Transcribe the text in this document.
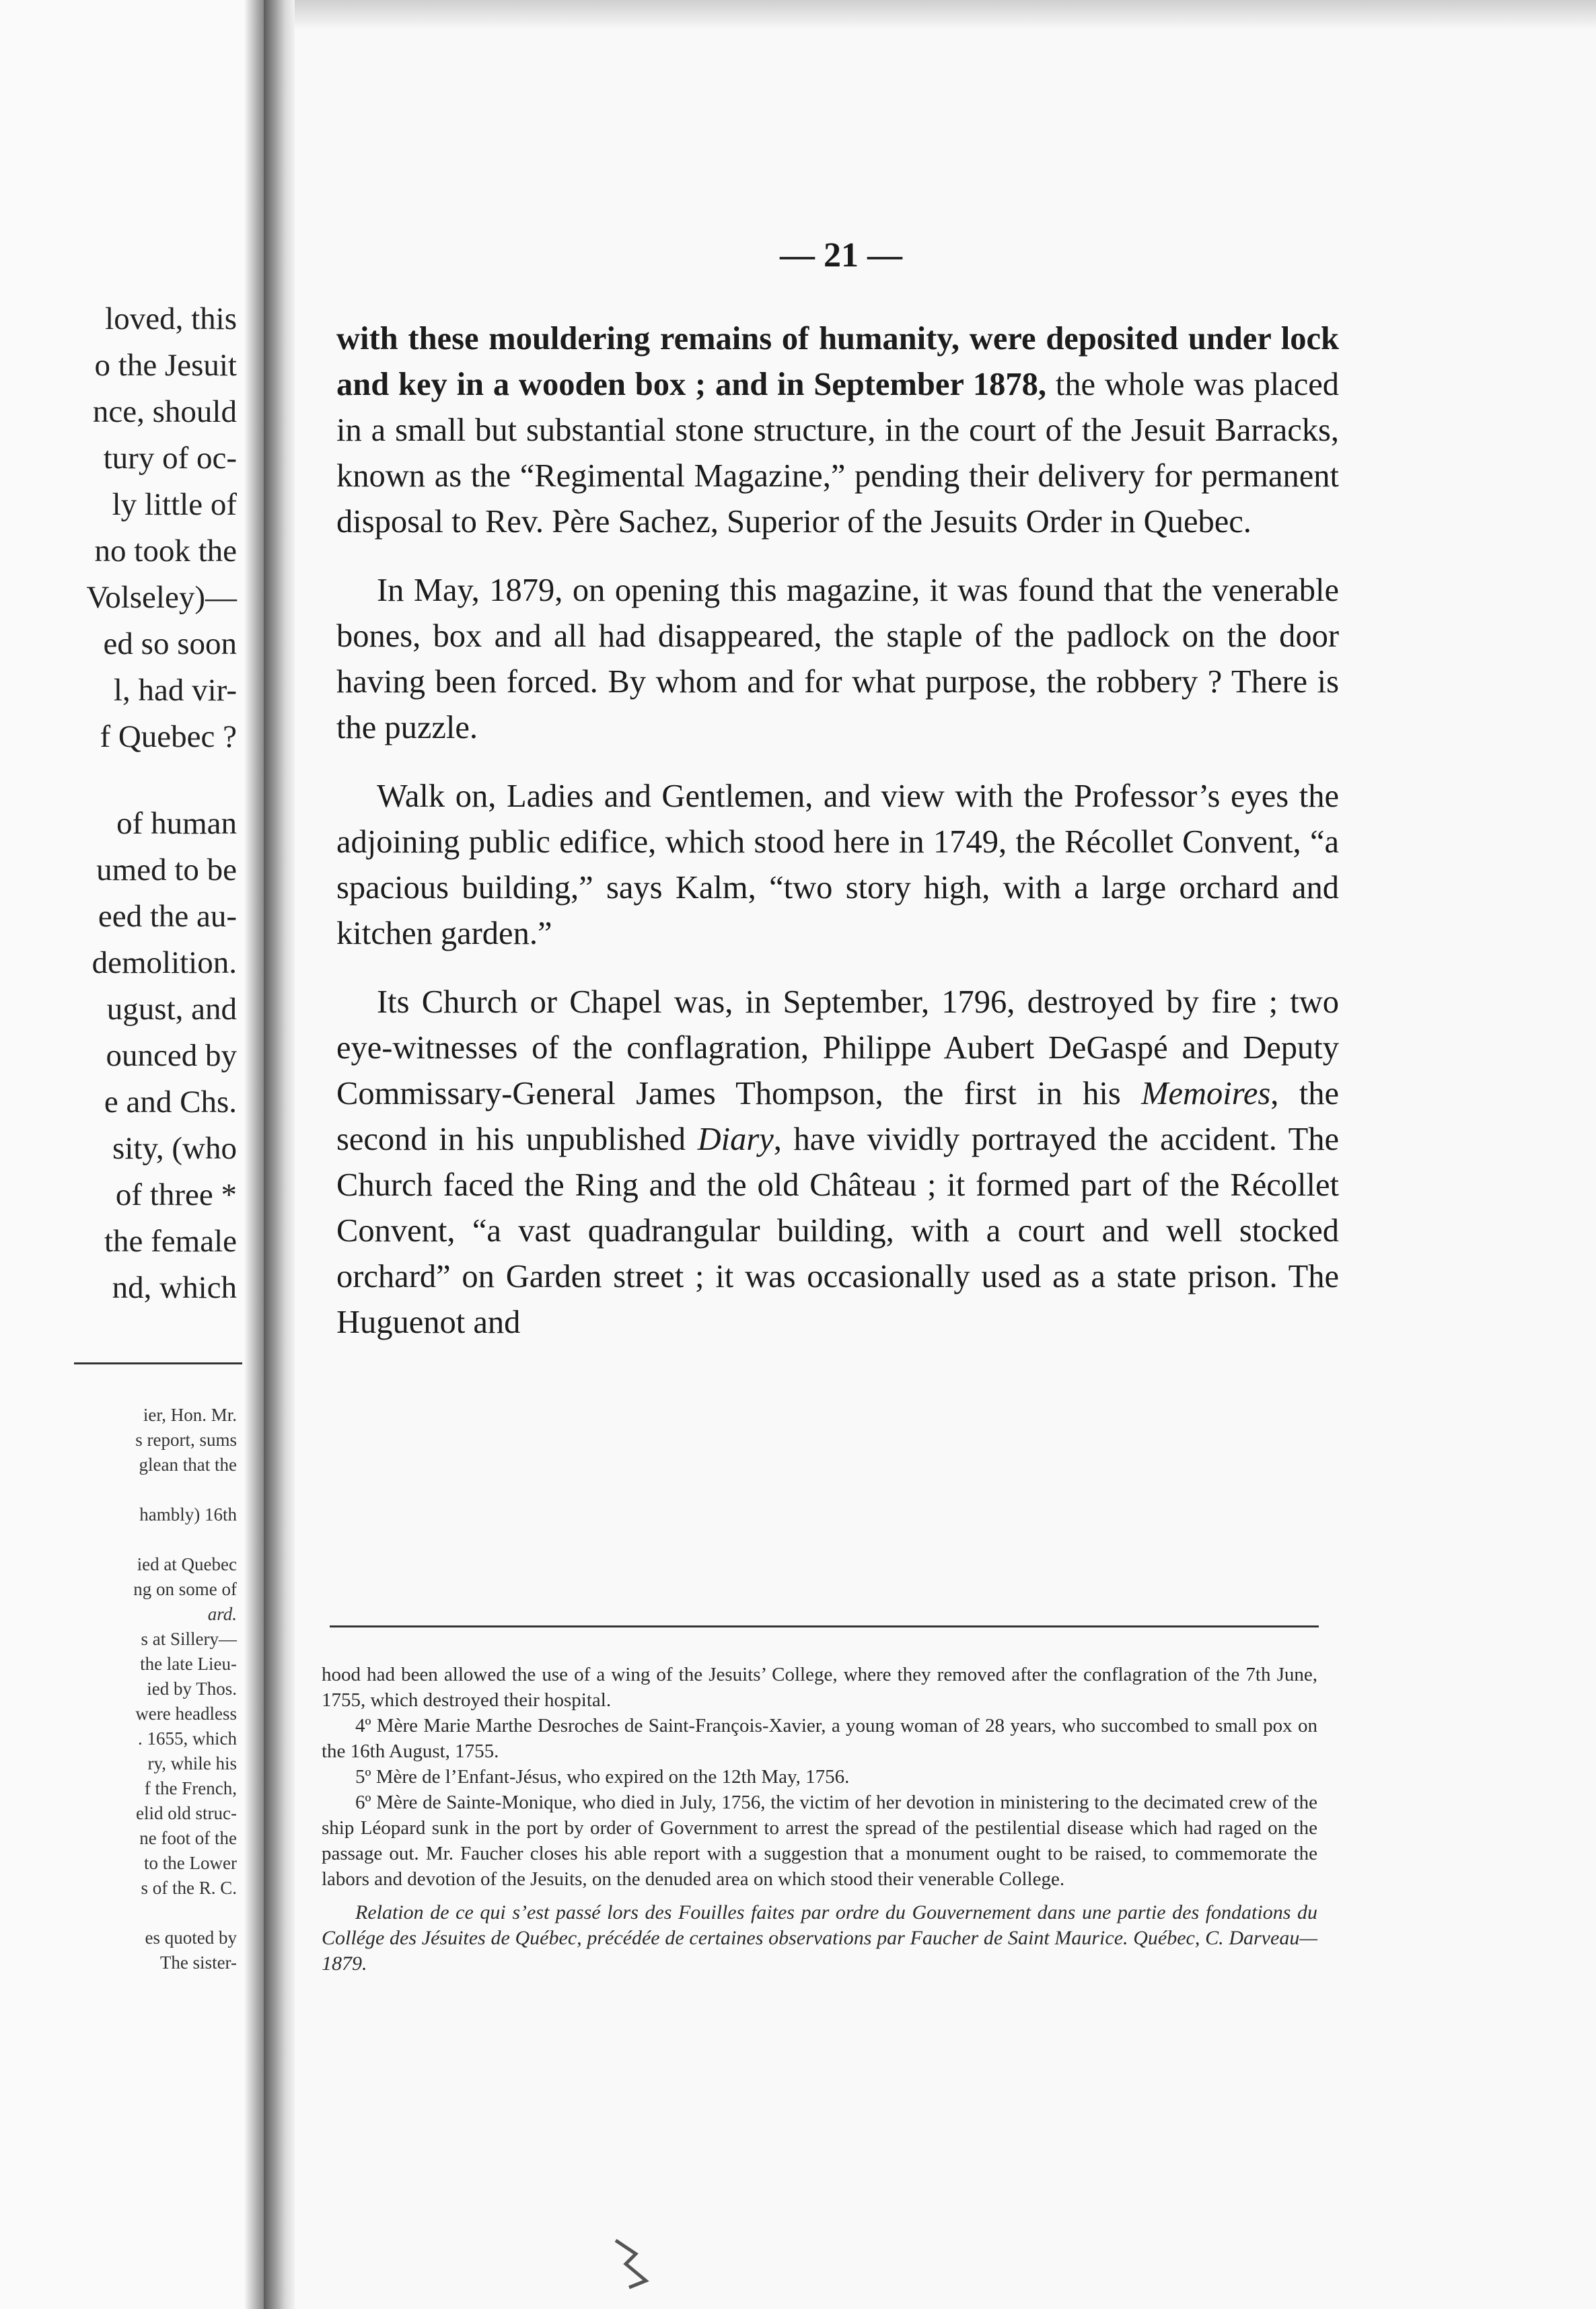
loved, this
o the Jesuit
nce, should
tury of oc-
ly little of
no took the
Volseley)—
ed so soon
l, had vir-
f Quebec ?
of human
umed to be
eed the au-
demolition.
ugust, and
ounced by
e and Chs.
sity, (who
of three *
the female
nd, which
ier, Hon. Mr.
s report, sums
glean that the
hambly) 16th
ied at Quebec
ng on some of
ard.
s at Sillery—
the late Lieu-
ied by Thos.
were headless
. 1655, which
ry, while his
f the French,
elid old struc-
ne foot of the
to the Lower
s of the R. C.
es quoted by
The sister-
— 21 —

with these mouldering remains of humanity, were deposited under lock and key in a wooden box ; and in September 1878, the whole was placed in a small but substantial stone structure, in the court of the Jesuit Barracks, known as the “Regimental Magazine,” pending their delivery for permanent disposal to Rev. Père Sachez, Superior of the Jesuits Order in Quebec.

In May, 1879, on opening this magazine, it was found that the venerable bones, box and all had disappeared, the staple of the padlock on the door having been forced. By whom and for what purpose, the robbery ? There is the puzzle.

Walk on, Ladies and Gentlemen, and view with the Professor’s eyes the adjoining public edifice, which stood here in 1749, the Récollet Convent, “a spacious building,” says Kalm, “two story high, with a large orchard and kitchen garden.”

Its Church or Chapel was, in September, 1796, destroyed by fire ; two eye-witnesses of the conflagration, Philippe Aubert DeGaspé and Deputy Commissary-General James Thompson, the first in his Memoires, the second in his unpublished Diary, have vividly portrayed the accident. The Church faced the Ring and the old Château ; it formed part of the Récollet Convent, “a vast quadrangular building, with a court and well stocked orchard” on Garden street ; it was occasionally used as a state prison. The Huguenot and

hood had been allowed the use of a wing of the Jesuits’ College, where they removed after the conflagration of the 7th June, 1755, which destroyed their hospital.

4º Mère Marie Marthe Desroches de Saint-François-Xavier, a young woman of 28 years, who succombed to small pox on the 16th August, 1755.

5º Mère de l’Enfant-Jésus, who expired on the 12th May, 1756.

6º Mère de Sainte-Monique, who died in July, 1756, the victim of her devotion in ministering to the decimated crew of the ship Léopard sunk in the port by order of Government to arrest the spread of the pestilential disease which had raged on the passage out. Mr. Faucher closes his able report with a suggestion that a monument ought to be raised, to commemorate the labors and devotion of the Jesuits, on the denuded area on which stood their venerable College.

Relation de ce qui s’est passé lors des Fouilles faites par ordre du Gouvernement dans une partie des fondations du Collége des Jésuites de Québec, précédée de certaines observations par Faucher de Saint Maurice. Québec, C. Darveau—1879.
